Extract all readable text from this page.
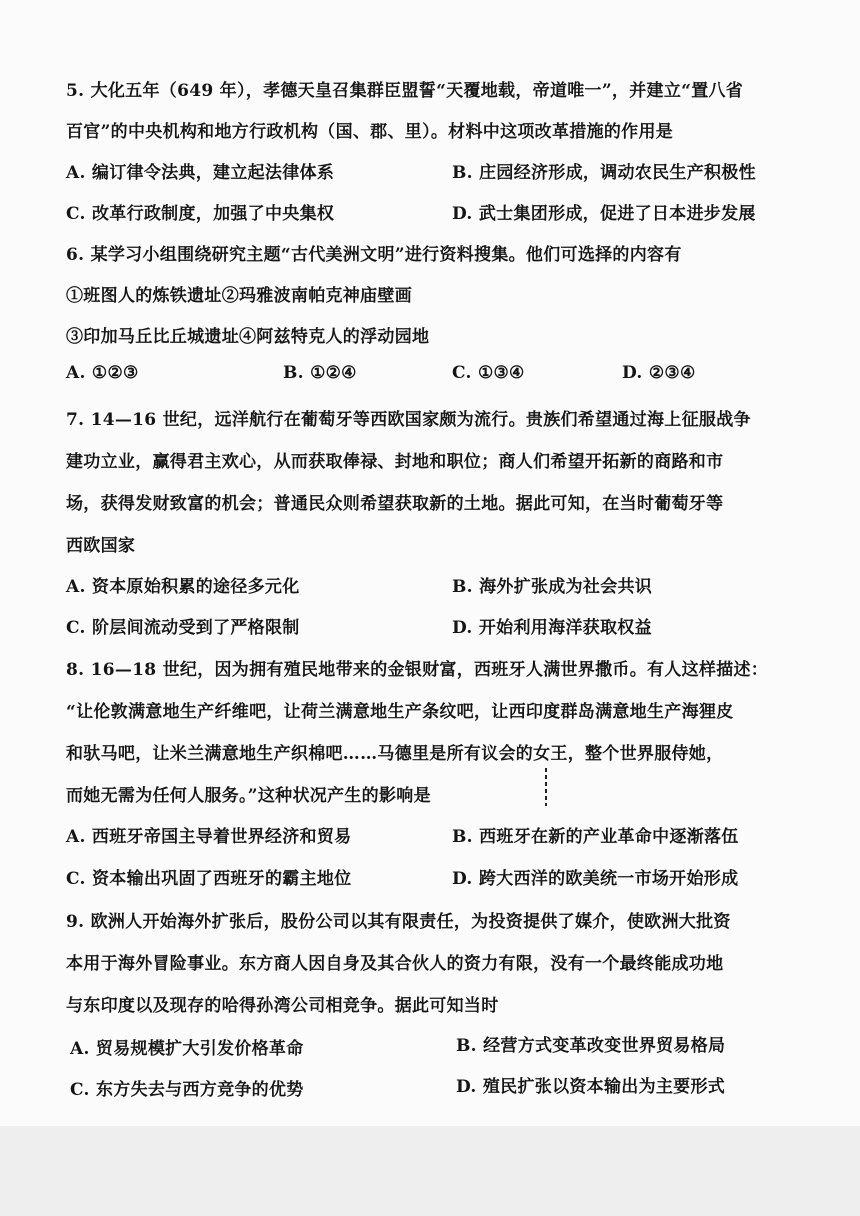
5. 大化五年（649 年），孝德天皇召集群臣盟誓“天覆地载，帝道唯一”，并建立“置八省
百官”的中央机构和地方行政机构（国、郡、里）。材料中这项改革措施的作用是
A. 编订律令法典，建立起法律体系	B. 庄园经济形成，调动农民生产积极性
C. 改革行政制度，加强了中央集权	D. 武士集团形成，促进了日本进步发展
6. 某学习小组围绕研究主题“古代美洲文明”进行资料搜集。他们可选择的内容有
①班图人的炼铁遗址②玛雅波南帕克神庙壁画
③印加马丘比丘城遗址④阿兹特克人的浮动园地
A. ①②③	B. ①②④	C. ①③④	D. ②③④
7. 14—16 世纪，远洋航行在葡萄牙等西欧国家颇为流行。贵族们希望通过海上征服战争
建功立业，赢得君主欢心，从而获取俸禄、封地和职位；商人们希望开拓新的商路和市
场，获得发财致富的机会；普通民众则希望获取新的土地。据此可知，在当时葡萄牙等
西欧国家
A. 资本原始积累的途径多元化	B. 海外扩张成为社会共识
C. 阶层间流动受到了严格限制	D. 开始利用海洋获取权益
8. 16—18 世纪，因为拥有殖民地带来的金银财富，西班牙人满世界撒币。有人这样描述：
“让伦敦满意地生产纤维吧，让荷兰满意地生产条纹吧，让西印度群岛满意地生产海狸皮
和驮马吧，让米兰满意地生产织棉吧……马德里是所有议会的女王，整个世界服侍她，
而她无需为任何人服务。”这种状况产生的影响是
A. 西班牙帝国主导着世界经济和贸易	B. 西班牙在新的产业革命中逐渐落伍
C. 资本输出巩固了西班牙的霸主地位	D. 跨大西洋的欧美统一市场开始形成
9. 欧洲人开始海外扩张后，股份公司以其有限责任，为投资提供了媒介，使欧洲大批资
本用于海外冒险事业。东方商人因自身及其合伙人的资力有限，没有一个最终能成功地
与东印度以及现存的哈得孙湾公司相竞争。据此可知当时
A. 贸易规模扩大引发价格革命	B. 经营方式变革改变世界贸易格局
C. 东方失去与西方竞争的优势	D. 殖民扩张以资本输出为主要形式
